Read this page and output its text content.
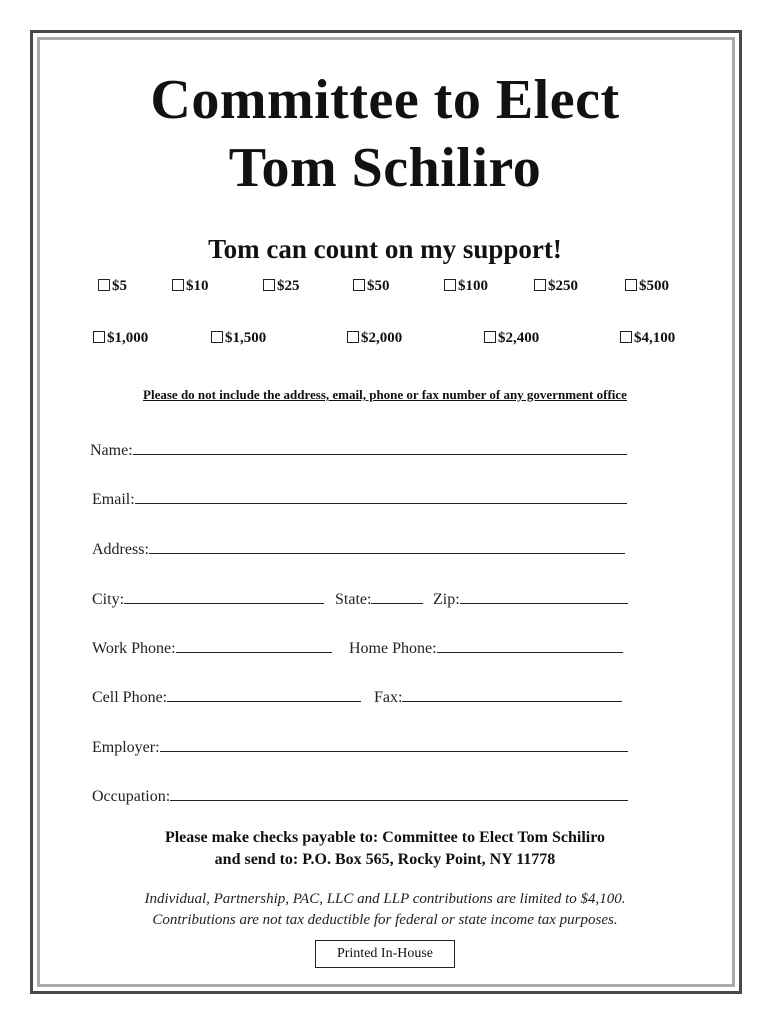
Committee to Elect
Tom Schiliro
Tom can count on my support!
$5	$10	$25	$50	$100	$250	$500
$1,000	$1,500	$2,000	$2,400	$4,100
Please do not include the address, email, phone or fax number of any government office
Name:
Email:
Address:
City:	State:	Zip:
Work Phone:	Home Phone:
Cell Phone:	Fax:
Employer:
Occupation:
Please make checks payable to: Committee to Elect Tom Schiliro
and send to: P.O. Box 565, Rocky Point, NY 11778
Individual, Partnership, PAC, LLC and LLP contributions are limited to $4,100.
Contributions are not tax deductible for federal or state income tax purposes.
Printed In-House
